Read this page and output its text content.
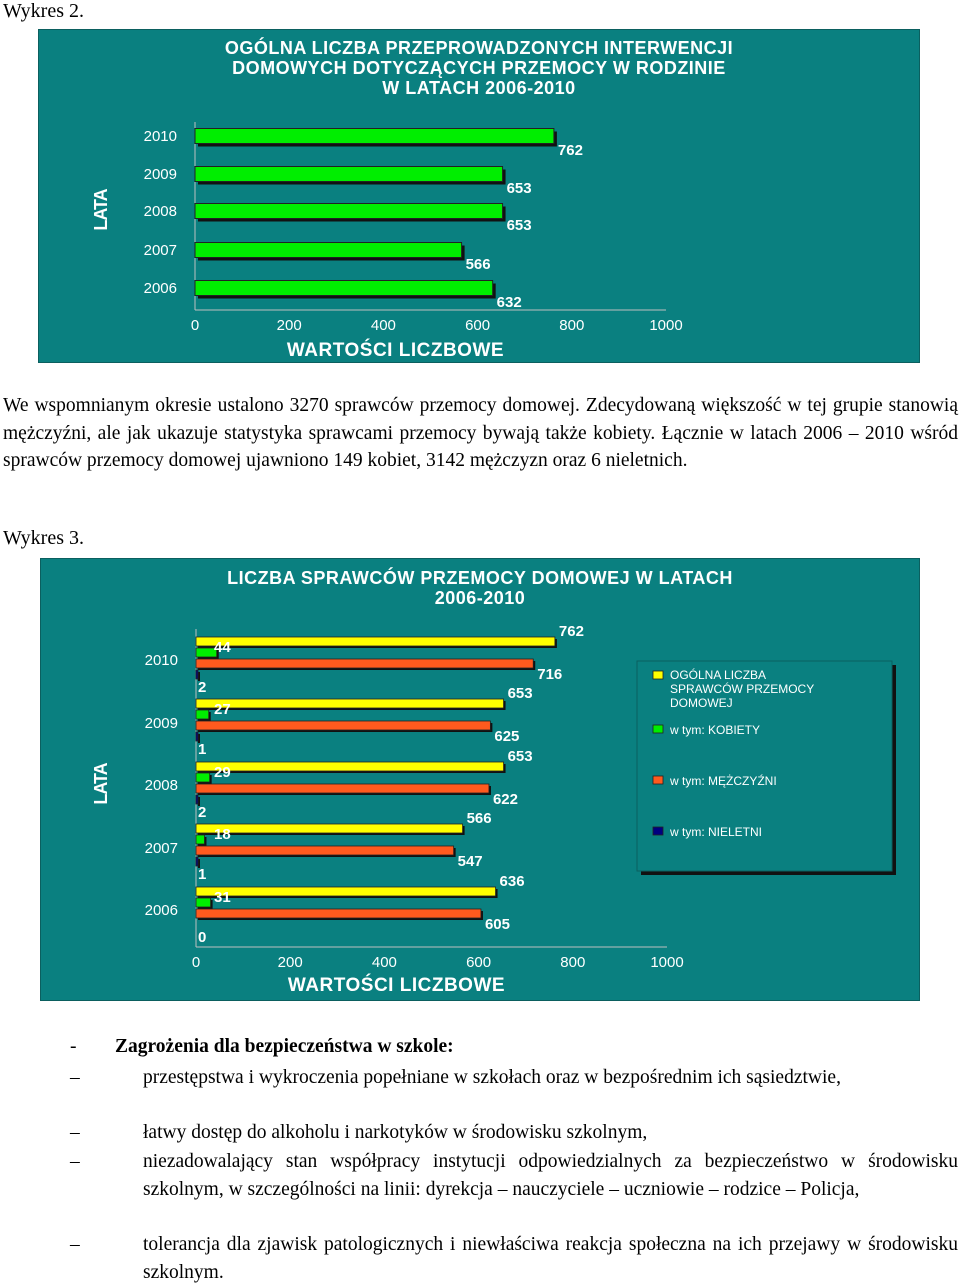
Wykres 2.
OGÓLNA LICZBA PRZEPROWADZONYCH INTERWENCJI
DOMOWYCH DOTYCZĄCYCH PRZEMOCY W RODZINIE
W LATACH 2006-2010
2010
762
2009
653
2008
653
2007
566
2006
632
0	200	400	600	800	1000
WARTOŚCI LICZBOWE
LATA
We wspomnianym okresie ustalono 3270 sprawców przemocy domowej. Zdecydowaną większość w tej grupie stanowią mężczyźni, ale jak ukazuje statystyka sprawcami przemocy bywają także kobiety. Łącznie w latach 2006 – 2010 wśród sprawców przemocy domowej ujawniono 149 kobiet, 3142 mężczyzn oraz 6 nieletnich.
Wykres 3.
LICZBA SPRAWCÓW PRZEMOCY DOMOWEJ W LATACH
2006-2010
2010
762
44
716
2
2009
653
27
625
1
2008
653
29
622
2
2007
566
18
547
1
2006
636
31
605
0
0	200	400	600	800	1000
WARTOŚCI LICZBOWE
LATA
OGÓLNA LICZBA SPRAWCÓW PRZEMOCY DOMOWEJ
w tym: KOBIETY
w tym: MĘŻCZYŹNI
w tym: NIELETNI
- Zagrożenia dla bezpieczeństwa w szkole:
–	przestępstwa i wykroczenia popełniane w szkołach oraz w bezpośrednim ich sąsiedztwie,
–	łatwy dostęp do alkoholu i narkotyków w środowisku szkolnym,
–	niezadowalający stan współpracy instytucji odpowiedzialnych za bezpieczeństwo w środowisku szkolnym, w szczególności na linii: dyrekcja – nauczyciele – uczniowie – rodzice – Policja,
–	tolerancja dla zjawisk patologicznych i niewłaściwa reakcja społeczna na ich przejawy w środowisku szkolnym.
